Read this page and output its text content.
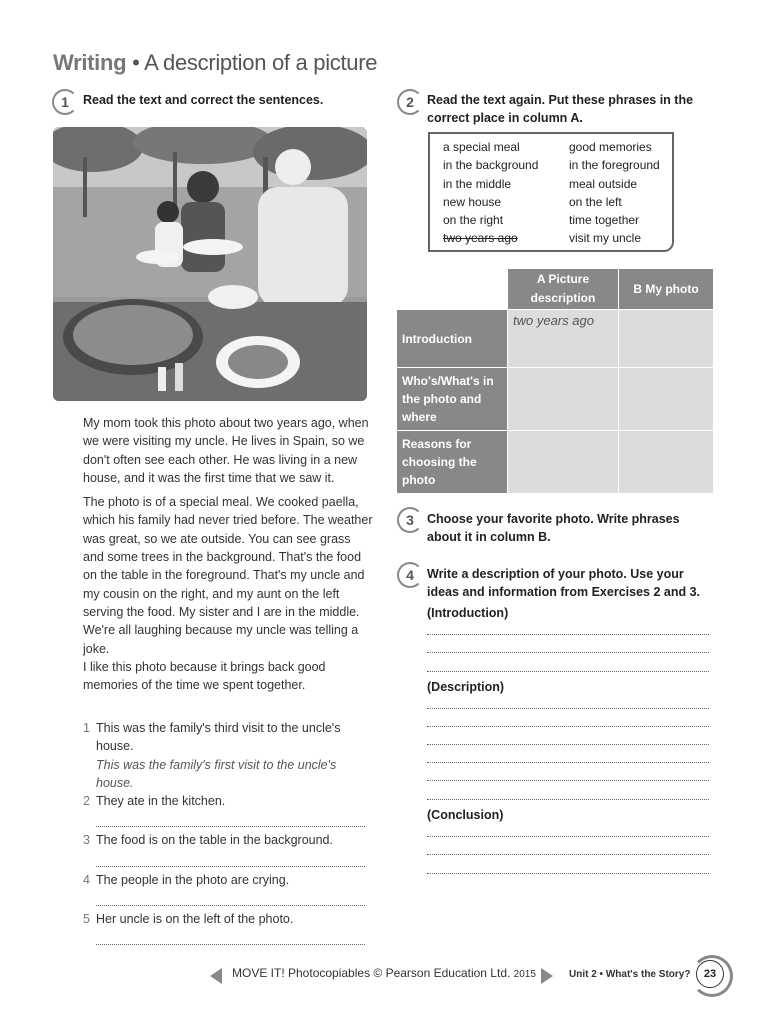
Writing • A description of a picture
1	Read the text and correct the sentences.

My mom took this photo about two years ago, when we were visiting my uncle. He lives in Spain, so we don't often see each other. He was living in a new house, and it was the first time that we saw it.

The photo is of a special meal. We cooked paella, which his family had never tried before. The weather was great, so we ate outside. You can see grass and some trees in the background. That's the food on the table in the foreground. That's my uncle and my cousin on the right, and my aunt on the left serving the food. My sister and I are in the middle. We're all laughing because my uncle was telling a joke.

I like this photo because it brings back good memories of the time we spent together.

1 This was the family's third visit to the uncle's house.
This was the family's first visit to the uncle's house.
2 They ate in the kitchen.
3 The food is on the table in the background.
4 The people in the photo are crying.
5 Her uncle is on the left of the photo.
2	Read the text again. Put these phrases in the correct place in column A.
a special meal
in the background
in the middle
new house
on the right
two years ago
good memories
in the foreground
meal outside
on the left
time together
visit my uncle
	A Picture description	B My photo
Introduction	two years ago	
Who's/What's in the photo and where		
Reasons for choosing the photo		
3	Choose your favorite photo. Write phrases about it in column B.
4	Write a description of your photo. Use your ideas and information from Exercises 2 and 3.
(Introduction)
(Description)
(Conclusion)
MOVE IT! Photocopiables © Pearson Education Ltd. 2015	Unit 2 • What's the Story?	23
